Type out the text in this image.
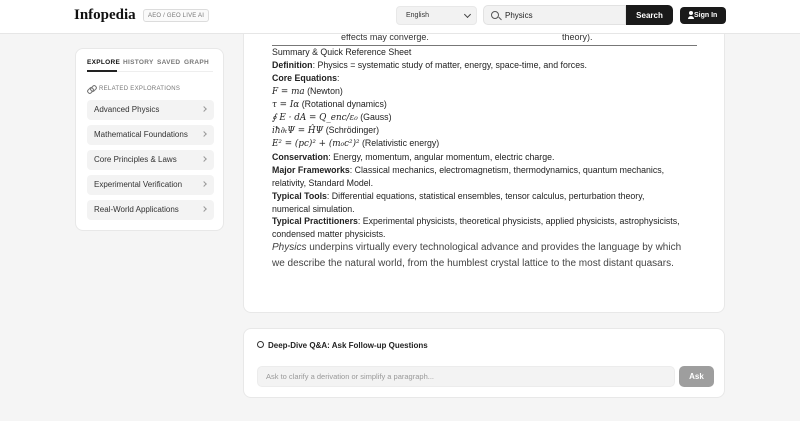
Infopedia	AEO / GEO LIVE AI	English
Physics	Search	Sign In
EXPLORE HISTORY SAVED GRAPH
RELATED EXPLORATIONS
Advanced Physics
Mathematical Foundations
Core Principles & Laws
Experimental Verification
Real-World Applications
effects may converge.	theory).
Summary & Quick Reference Sheet
Definition: Physics = systematic study of matter, energy, space-time, and forces.
Core Equations:
F = ma (Newton)
τ = Iα (Rotational dynamics)
∮ E · dA = Q_enc/ε₀ (Gauss)
iħ∂ₜΨ = ĤΨ (Schrödinger)
E² = (pc)² + (m₀c²)² (Relativistic energy)
Conservation: Energy, momentum, angular momentum, electric charge.
Major Frameworks: Classical mechanics, electromagnetism, thermodynamics, quantum mechanics,
relativity, Standard Model.
Typical Tools: Differential equations, statistical ensembles, tensor calculus, perturbation theory,
numerical simulation.
Typical Practitioners: Experimental physicists, theoretical physicists, applied physicists, astrophysicists,
condensed matter physicists.
Physics underpins virtually every technological advance and provides the language by which
we describe the natural world, from the humblest crystal lattice to the most distant quasars.
Deep-Dive Q&A: Ask Follow-up Questions
Ask to clarify a derivation or simplify a paragraph...
Ask
